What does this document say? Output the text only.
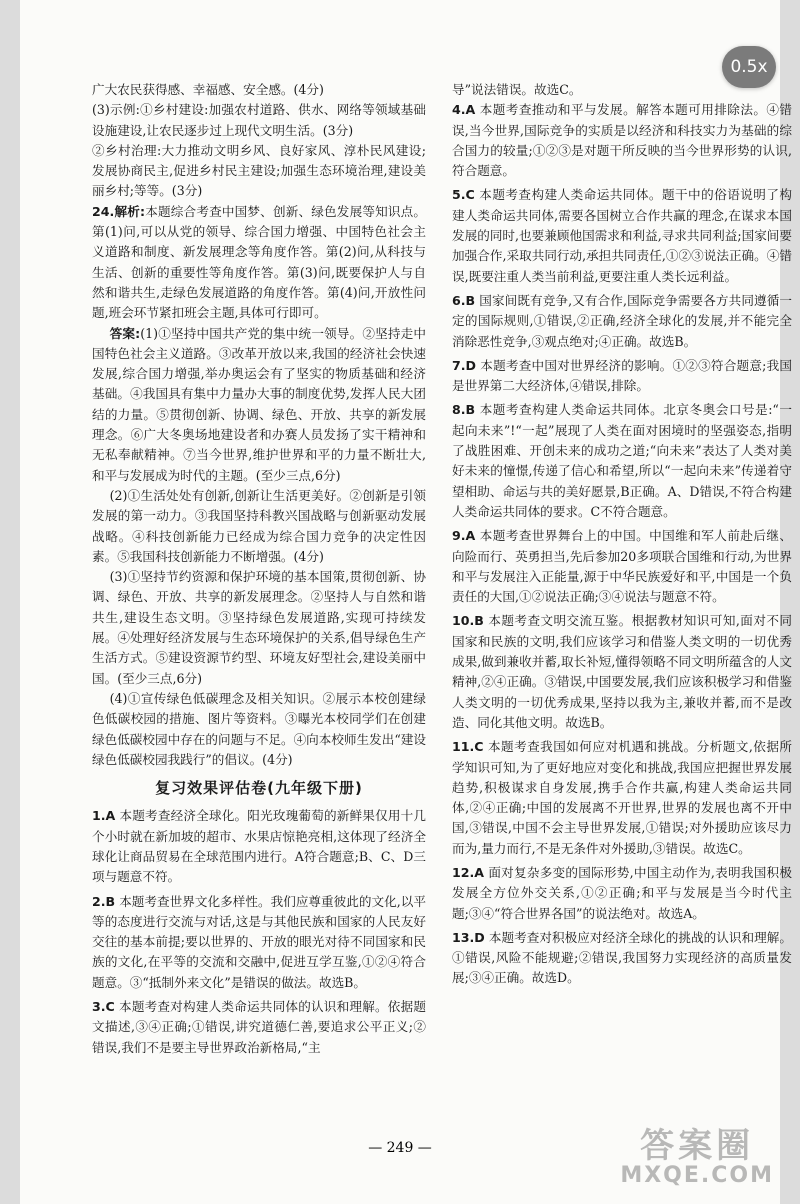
广大农民获得感、幸福感、安全感。(4分)

(3)示例:①乡村建设:加强农村道路、供水、网络等领域基础设施建设,让农民逐步过上现代文明生活。(3分)

②乡村治理:大力推动文明乡风、良好家风、淳朴民风建设;发展协商民主,促进乡村民主建设;加强生态环境治理,建设美丽乡村;等等。(3分)

24.解析:本题综合考查中国梦、创新、绿色发展等知识点。第(1)问,可以从党的领导、综合国力增强、中国特色社会主义道路和制度、新发展理念等角度作答。第(2)问,从科技与生活、创新的重要性等角度作答。第(3)问,既要保护人与自然和谐共生,走绿色发展道路的角度作答。第(4)问,开放性问题,班会环节紧扣班会主题,具体可行即可。

答案:(1)①坚持中国共产党的集中统一领导。②坚持走中国特色社会主义道路。③改革开放以来,我国的经济社会快速发展,综合国力增强,举办奥运会有了坚实的物质基础和经济基础。④我国具有集中力量办大事的制度优势,发挥人民大团结的力量。⑤贯彻创新、协调、绿色、开放、共享的新发展理念。⑥广大冬奥场地建设者和办赛人员发扬了实干精神和无私奉献精神。⑦当今世界,维护世界和平的力量不断壮大,和平与发展成为时代的主题。(至少三点,6分)

(2)①生活处处有创新,创新让生活更美好。②创新是引领发展的第一动力。③我国坚持科教兴国战略与创新驱动发展战略。④科技创新能力已经成为综合国力竞争的决定性因素。⑤我国科技创新能力不断增强。(4分)

(3)①坚持节约资源和保护环境的基本国策,贯彻创新、协调、绿色、开放、共享的新发展理念。②坚持人与自然和谐共生,建设生态文明。③坚持绿色发展道路,实现可持续发展。④处理好经济发展与生态环境保护的关系,倡导绿色生产生活方式。⑤建设资源节约型、环境友好型社会,建设美丽中国。(至少三点,6分)

(4)①宣传绿色低碳理念及相关知识。②展示本校创建绿色低碳校园的措施、图片等资料。③曝光本校同学们在创建绿色低碳校园中存在的问题与不足。④向本校师生发出“建设绿色低碳校园我践行”的倡议。(4分)

复习效果评估卷(九年级下册)

1.A 本题考查经济全球化。阳光玫瑰葡萄的新鲜果仅用十几个小时就在新加坡的超市、水果店惊艳亮相,这体现了经济全球化让商品贸易在全球范围内进行。A符合题意;B、C、D三项与题意不符。

2.B 本题考查世界文化多样性。我们应尊重彼此的文化,以平等的态度进行交流与对话,这是与其他民族和国家的人民友好交往的基本前提;要以世界的、开放的眼光对待不同国家和民族的文化,在平等的交流和交融中,促进互学互鉴,①②④符合题意。③“抵制外来文化”是错误的做法。故选B。

3.C 本题考查对构建人类命运共同体的认识和理解。依据题文描述,③④正确;①错误,讲究道德仁善,要追求公平正义;②错误,我们不是要主导世界政治新格局,“主

导”说法错误。故选C。

4.A 本题考查推动和平与发展。解答本题可用排除法。④错误,当今世界,国际竞争的实质是以经济和科技实力为基础的综合国力的较量;①②③是对题干所反映的当今世界形势的认识,符合题意。

5.C 本题考查构建人类命运共同体。题干中的俗语说明了构建人类命运共同体,需要各国树立合作共赢的理念,在谋求本国发展的同时,也要兼顾他国需求和利益,寻求共同利益;国家间要加强合作,采取共同行动,承担共同责任,①②③说法正确。④错误,既要注重人类当前利益,更要注重人类长远利益。

6.B 国家间既有竞争,又有合作,国际竞争需要各方共同遵循一定的国际规则,①错误,②正确,经济全球化的发展,并不能完全消除恶性竞争,③观点绝对;④正确。故选B。

7.D 本题考查中国对世界经济的影响。①②③符合题意;我国是世界第二大经济体,④错误,排除。

8.B 本题考查构建人类命运共同体。北京冬奥会口号是:“一起向未来”!“一起”展现了人类在面对困境时的坚强姿态,指明了战胜困难、开创未来的成功之道;“向未来”表达了人类对美好未来的憧憬,传递了信心和希望,所以“一起向未来”传递着守望相助、命运与共的美好愿景,B正确。A、D错误,不符合构建人类命运共同体的要求。C不符合题意。

9.A 本题考查世界舞台上的中国。中国维和军人前赴后继、向险而行、英勇担当,先后参加20多项联合国维和行动,为世界和平与发展注入正能量,源于中华民族爱好和平,中国是一个负责任的大国,①②说法正确;③④说法与题意不符。

10.B 本题考查文明交流互鉴。根据教材知识可知,面对不同国家和民族的文明,我们应该学习和借鉴人类文明的一切优秀成果,做到兼收并蓄,取长补短,懂得领略不同文明所蕴含的人文精神,②④正确。③错误,中国要发展,我们应该积极学习和借鉴人类文明的一切优秀成果,坚持以我为主,兼收并蓄,而不是改造、同化其他文明。故选B。

11.C 本题考查我国如何应对机遇和挑战。分析题文,依据所学知识可知,为了更好地应对变化和挑战,我国应把握世界发展趋势,积极谋求自身发展,携手合作共赢,构建人类命运共同体,②④正确;中国的发展离不开世界,世界的发展也离不开中国,③错误,中国不会主导世界发展,①错误;对外援助应该尽力而为,量力而行,不是无条件对外援助,③错误。故选C。

12.A 面对复杂多变的国际形势,中国主动作为,表明我国积极发展全方位外交关系,①②正确;和平与发展是当今时代主题;③④“符合世界各国”的说法绝对。故选A。

13.D 本题考查对积极应对经济全球化的挑战的认识和理解。①错误,风险不能规避;②错误,我国努力实现经济的高质量发展;③④正确。故选D。

0.5x
— 249 —	答案圈
MXQE.COM
